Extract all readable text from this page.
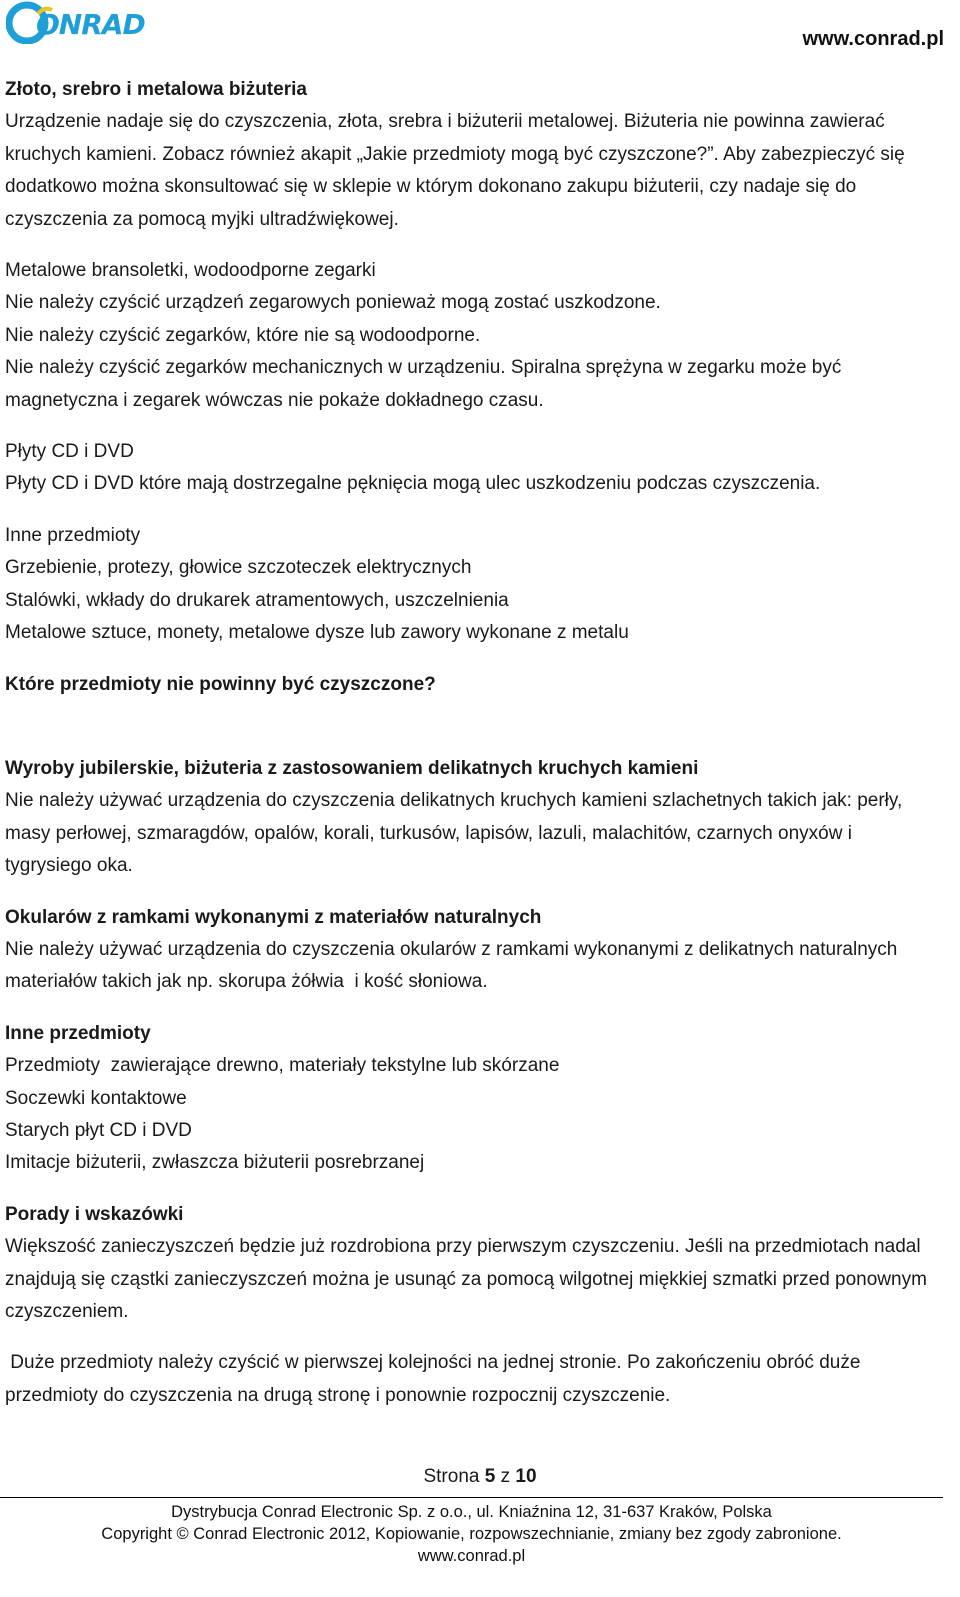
ONRAD	www.conrad.pl
Złoto, srebro i metalowa biżuteria

Urządzenie nadaje się do czyszczenia, złota, srebra i biżuterii metalowej. Biżuteria nie powinna zawierać kruchych kamieni. Zobacz również akapit „Jakie przedmioty mogą być czyszczone?”. Aby zabezpieczyć się dodatkowo można skonsultować się w sklepie w którym dokonano zakupu biżuterii, czy nadaje się do czyszczenia za pomocą myjki ultradźwiękowej.

Metalowe bransoletki, wodoodporne zegarki

Nie należy czyścić urządzeń zegarowych ponieważ mogą zostać uszkodzone.

Nie należy czyścić zegarków, które nie są wodoodporne.

Nie należy czyścić zegarków mechanicznych w urządzeniu. Spiralna sprężyna w zegarku może być magnetyczna i zegarek wówczas nie pokaże dokładnego czasu.

Płyty CD i DVD

Płyty CD i DVD które mają dostrzegalne pęknięcia mogą ulec uszkodzeniu podczas czyszczenia.

Inne przedmioty

Grzebienie, protezy, głowice szczoteczek elektrycznych

Stalówki, wkłady do drukarek atramentowych, uszczelnienia

Metalowe sztuce, monety, metalowe dysze lub zawory wykonane z metalu

Które przedmioty nie powinny być czyszczone?
Wyroby jubilerskie, biżuteria z zastosowaniem delikatnych kruchych kamieni

Nie należy używać urządzenia do czyszczenia delikatnych kruchych kamieni szlachetnych takich jak: perły, masy perłowej, szmaragdów, opalów, korali, turkusów, lapisów, lazuli, malachitów, czarnych onyxów i tygrysiego oka.

Okularów z ramkami wykonanymi z materiałów naturalnych

Nie należy używać urządzenia do czyszczenia okularów z ramkami wykonanymi z delikatnych naturalnych materiałów takich jak np. skorupa żółwia  i kość słoniowa.

Inne przedmioty

Przedmioty  zawierające drewno, materiały tekstylne lub skórzane

Soczewki kontaktowe

Starych płyt CD i DVD

Imitacje biżuterii, zwłaszcza biżuterii posrebrzanej

Porady i wskazówki

Większość zanieczyszczeń będzie już rozdrobiona przy pierwszym czyszczeniu. Jeśli na przedmiotach nadal znajdują się cząstki zanieczyszczeń można je usunąć za pomocą wilgotnej miękkiej szmatki przed ponownym czyszczeniem.

Duże przedmioty należy czyścić w pierwszej kolejności na jednej stronie. Po zakończeniu obróć duże przedmioty do czyszczenia na drugą stronę i ponownie rozpocznij czyszczenie.

Strona 5 z 10
Dystrybucja Conrad Electronic Sp. z o.o., ul. Kniaźnina 12, 31-637 Kraków, Polska
Copyright © Conrad Electronic 2012, Kopiowanie, rozpowszechnianie, zmiany bez zgody zabronione.
www.conrad.pl
